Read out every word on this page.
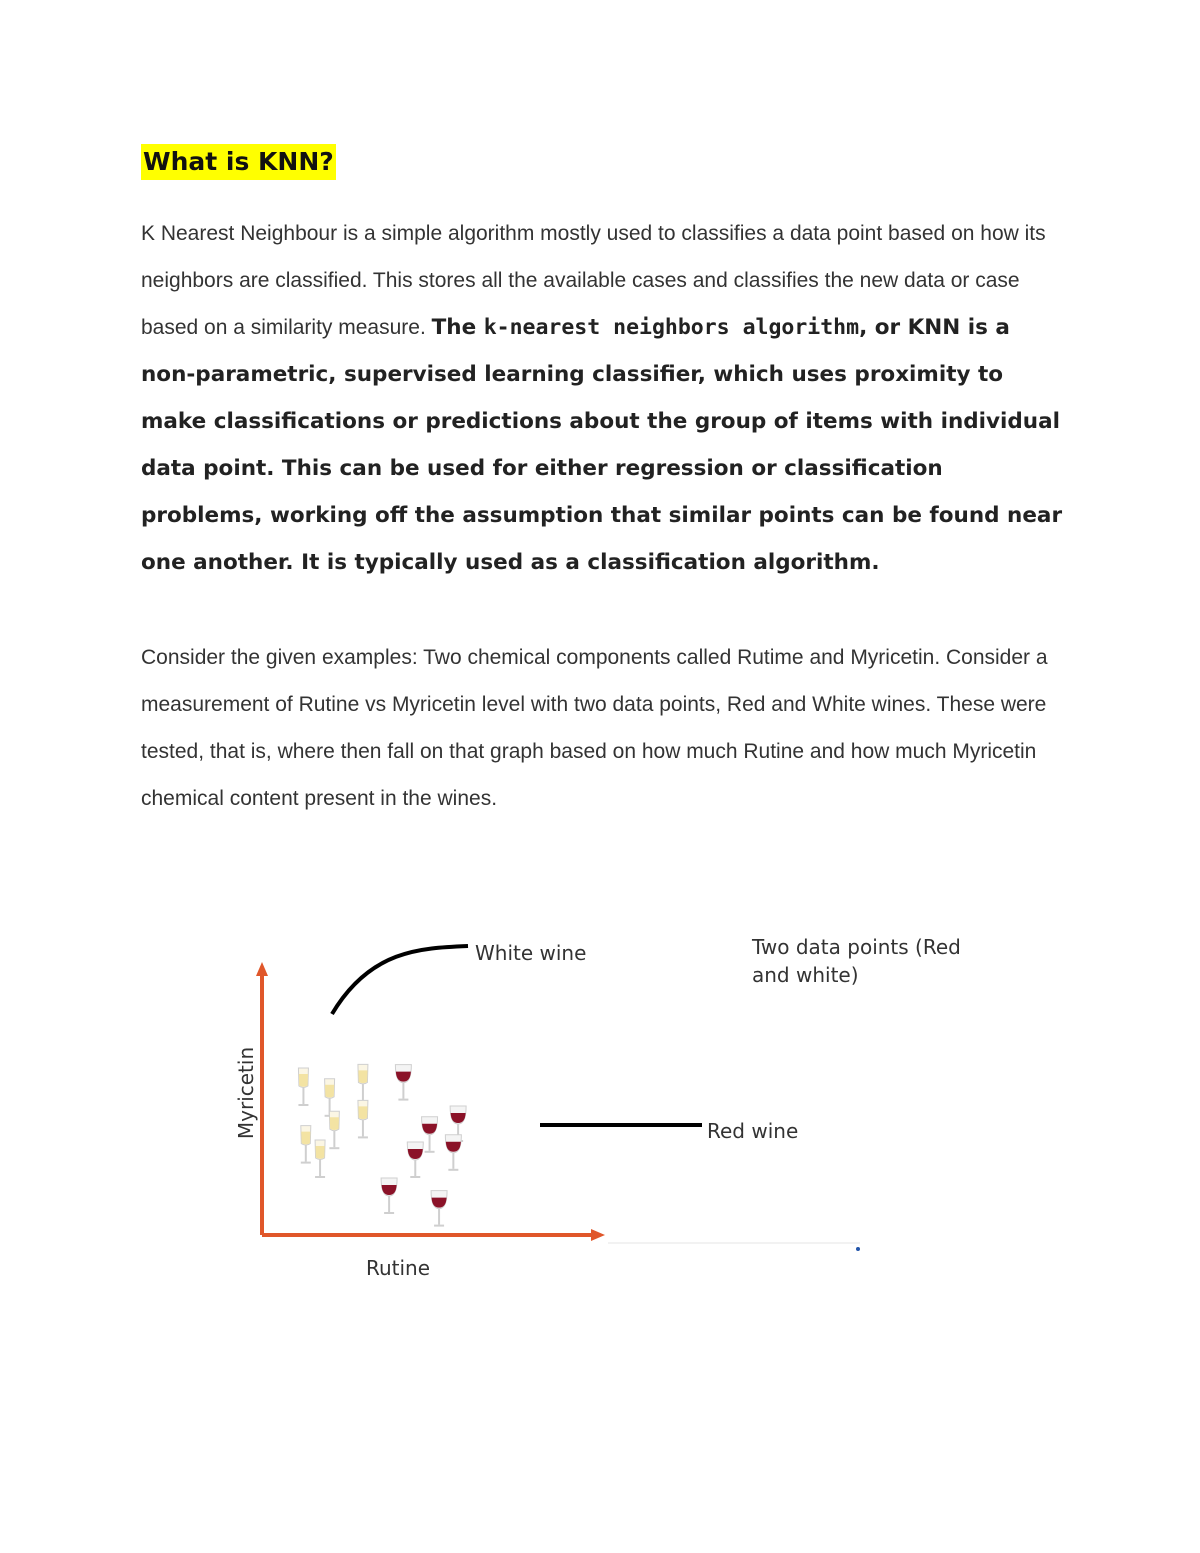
What is KNN?

K Nearest Neighbour is a simple algorithm mostly used to classifies a data point based on how its neighbors are classified. This stores all the available cases and classifies the new data or case based on a similarity measure. The k-nearest neighbors algorithm, or KNN is a non-parametric, supervised learning classifier, which uses proximity to make classifications or predictions about the group of items with individual data point. This can be used for either regression or classification problems, working off the assumption that similar points can be found near one another. It is typically used as a classification algorithm.

Consider the given examples: Two chemical components called Rutime and Myricetin. Consider a measurement of Rutine vs Myricetin level with two data points, Red and White wines. These were tested, that is, where then fall on that graph based on how much Rutine and how much Myricetin chemical content present in the wines.

Rutine
Myricetin
White wine
Red wine
Two data points (Red
and white)
